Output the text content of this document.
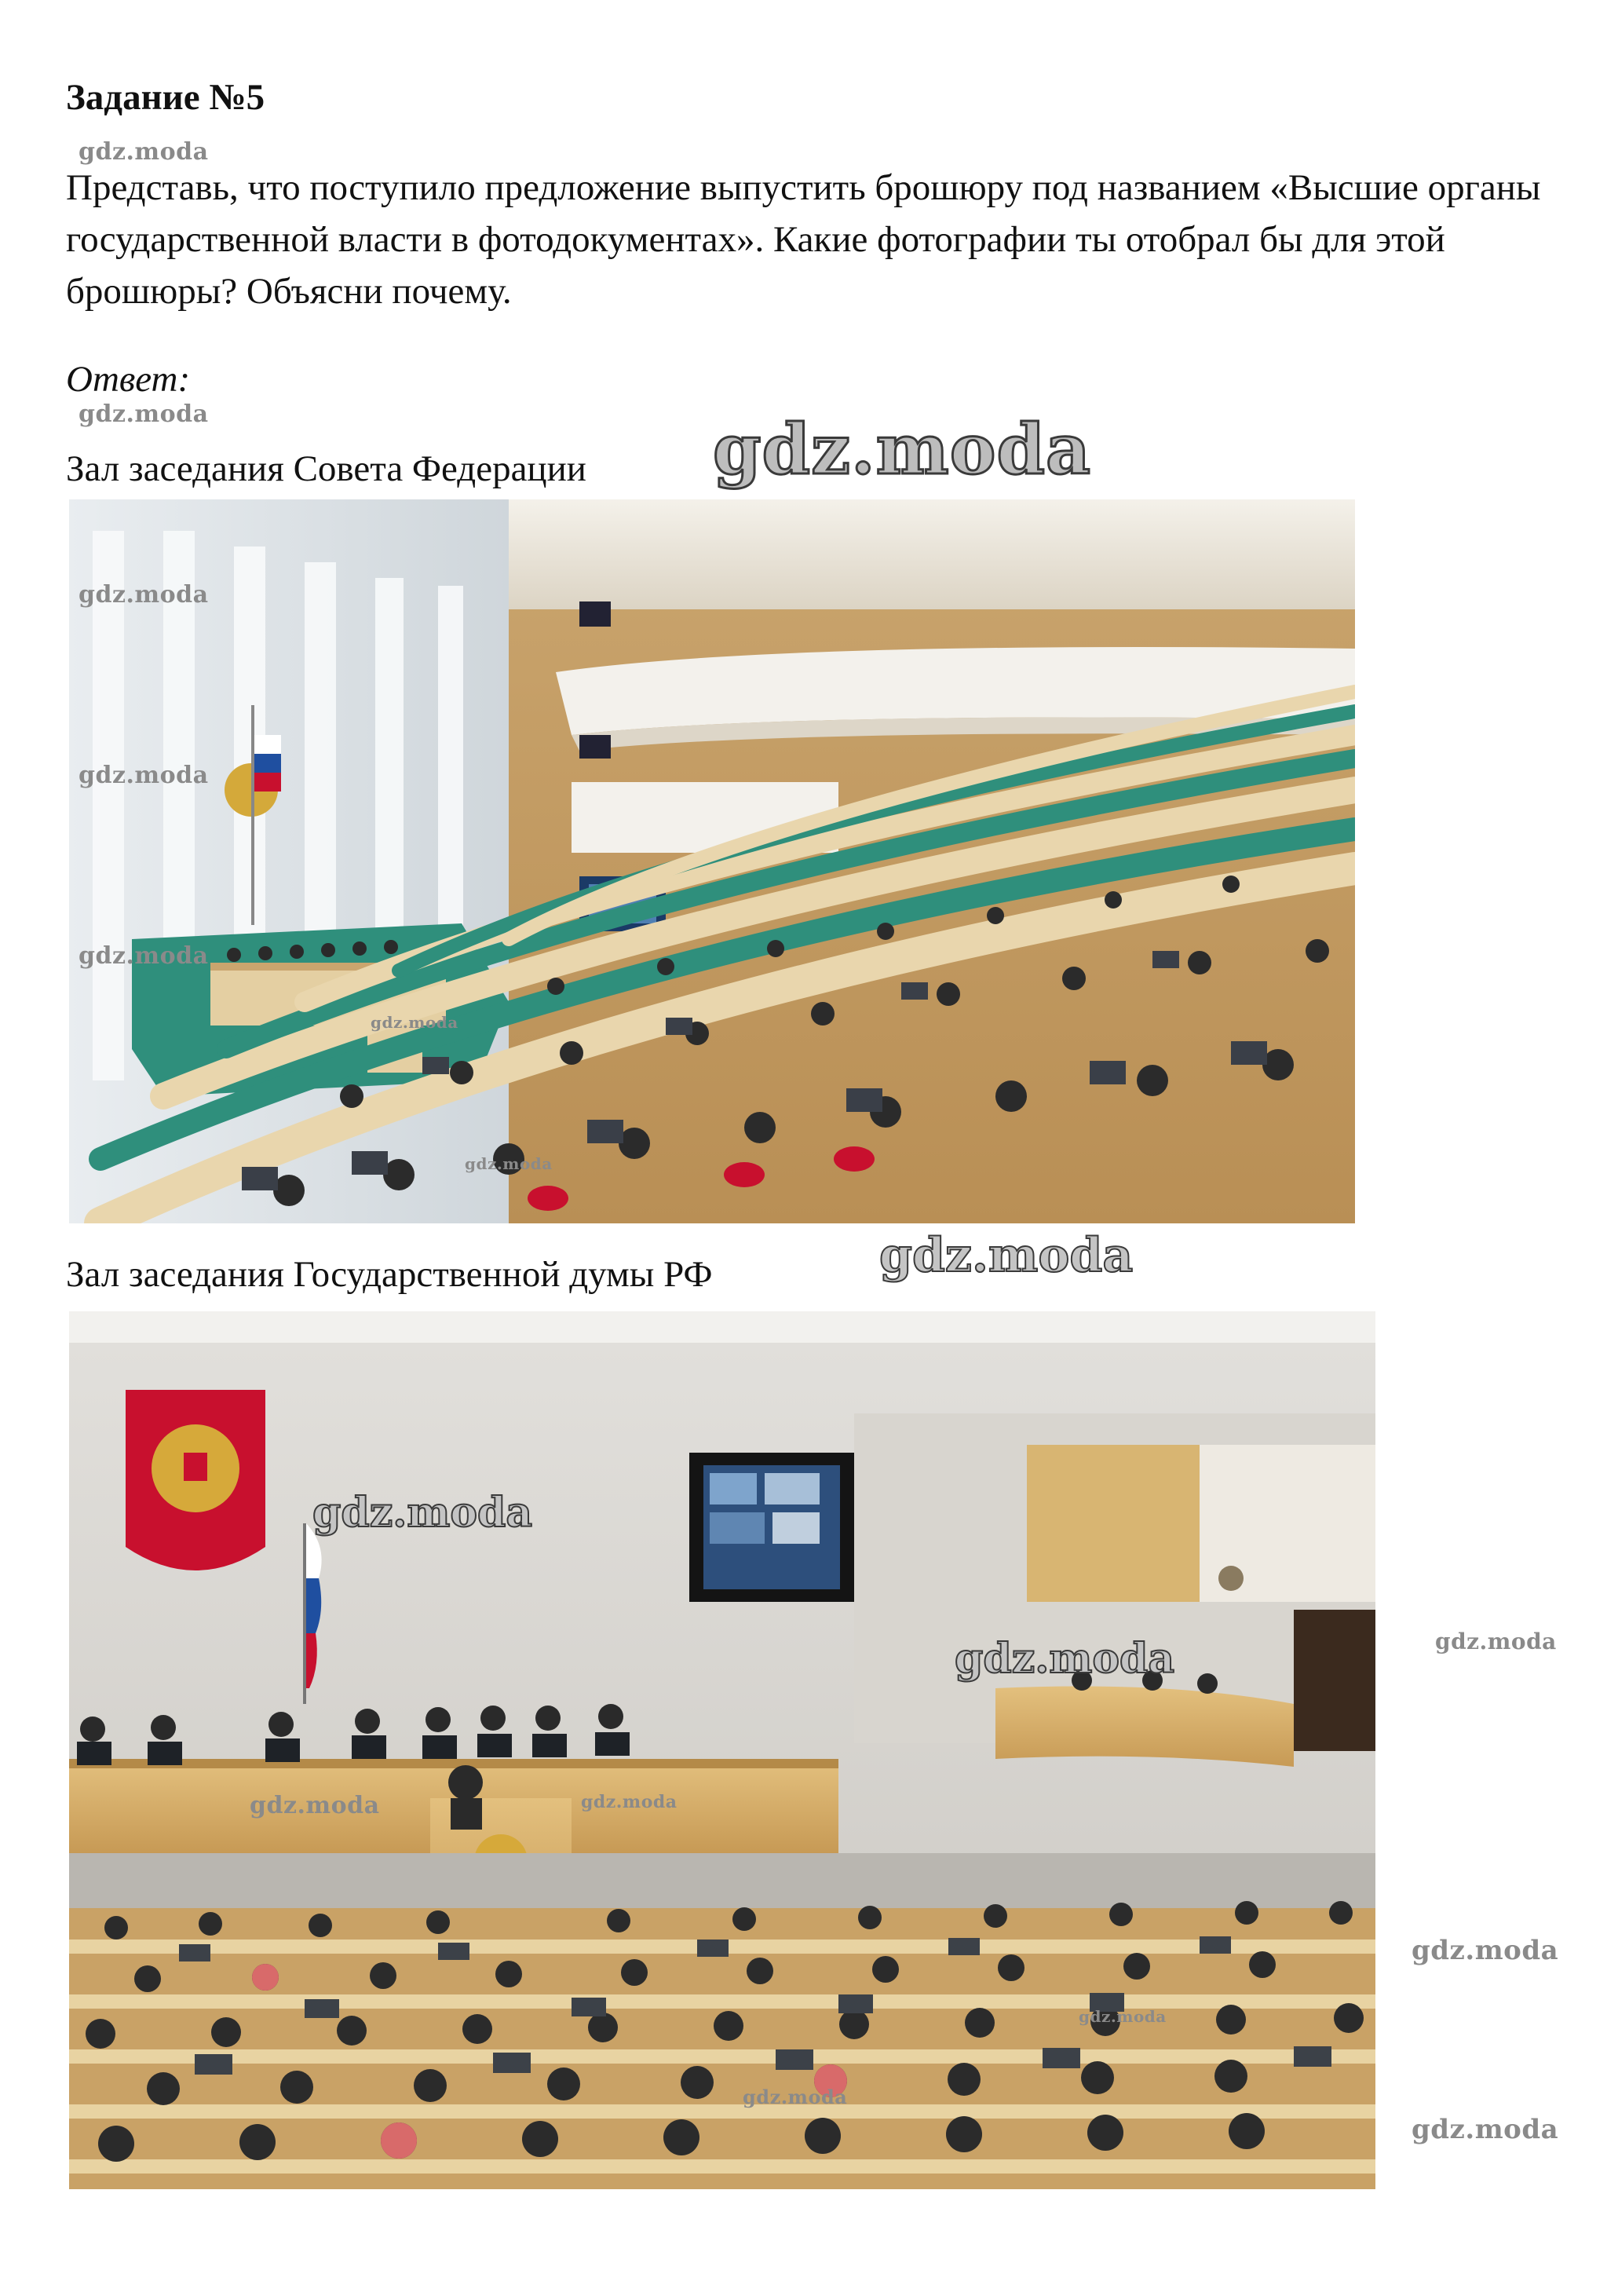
Задание №5
gdz.moda

Представь, что поступило предложение выпустить брошюру под названием «Высшие органы государственной власти в фотодокументах». Какие фотографии ты отобрал бы для этой брошюры? Объясни почему.

Ответ:

gdz.moda

Зал заседания Совета Федерации gdz.moda
gdz.moda
gdz.moda
gdz.moda
gdz.moda
gdz.moda

Зал заседания Государственной думы РФ	gdz.moda
gdz.moda
gdz.moda
gdz.moda	gdz.moda
gdz.moda
gdz.moda
gdz.moda
gdz.moda
gdz.moda
